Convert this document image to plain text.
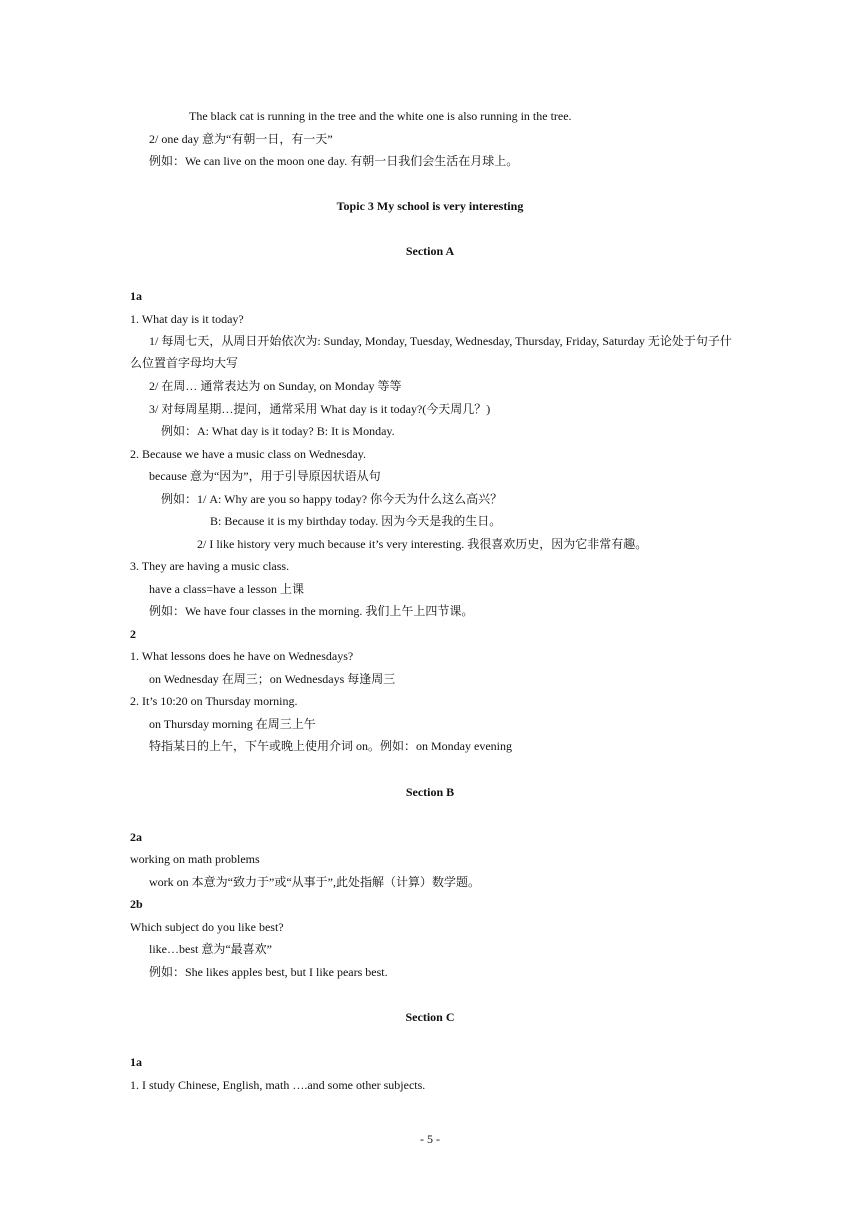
The black cat is running in the tree and the white one is also running in the tree.
2/ one day 意为“有朝一日，有一天”
例如：We can live on the moon one day. 有朝一日我们会生活在月球上。
Topic 3 My school is very interesting
Section A
1a
1. What day is it today?
1/ 每周七天，从周日开始依次为: Sunday, Monday, Tuesday, Wednesday, Thursday, Friday, Saturday 无论处于句子什么位置首字母均大写
2/ 在周… 通常表达为 on Sunday, on Monday 等等
3/ 对每周星期…提问，通常采用 What day is it today?(今天周几？)
例如：A: What day is it today? B: It is Monday.
2. Because we have a music class on Wednesday.
because 意为“因为”，用于引导原因状语从句
例如：1/ A: Why are you so happy today? 你今天为什么这么高兴？
B: Because it is my birthday today. 因为今天是我的生日。
2/ I like history very much because it’s very interesting. 我很喜欢历史，因为它非常有趣。
3. They are having a music class.
have a class=have a lesson 上课
例如：We have four classes in the morning. 我们上午上四节课。
2
1. What lessons does he have on Wednesdays?
on Wednesday 在周三；on Wednesdays 每逢周三
2. It’s 10:20 on Thursday morning.
on Thursday morning 在周三上午
特指某日的上午，下午或晚上使用介词 on。例如：on Monday evening
Section B
2a
working on math problems
work on 本意为“致力于”或“从事于”,此处指解（计算）数学题。
2b
Which subject do you like best?
like…best 意为“最喜欢”
例如：She likes apples best, but I like pears best.
Section C
1a
1. I study Chinese, English, math ….and some other subjects.
- 5 -
